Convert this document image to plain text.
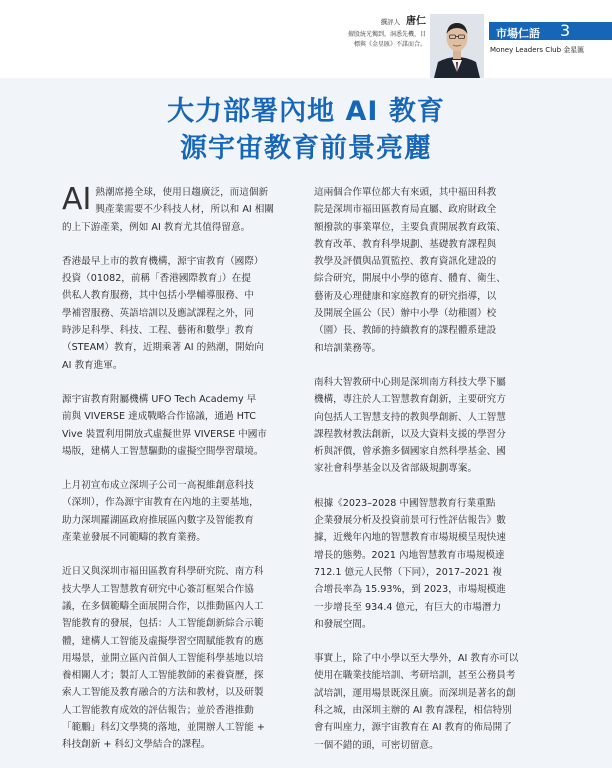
撰評人 唐仁
擅股統光獨到，洞悉先機，目
標與《金星匯》不謀而合。
市場仁語 3
Money Leaders Club 金星匯
大力部署內地 AI 教育
源宇宙教育前景亮麗

AI 熱潮席捲全球，使用日趨廣泛，而這個新
興產業需要不少科技人材，所以和 AI 相關
的上下游產業，例如 AI 教育尤其值得留意。

香港最早上市的教育機構，源宇宙教育（國際）
投資（01082，前稱「香港國際教育」）在提
供私人教育服務，其中包括小學輔導服務、中
學補習服務、英語培訓以及應試課程之外，同
時涉足科學、科技、工程、藝術和數學」教育
（STEAM）教育，近期乘著 AI 的熱潮，開始向
AI 教育進軍。

源宇宙教育附屬機構 UFO Tech Academy 早
前與 VIVERSE 達成戰略合作協議，通過 HTC
Vive 裝置利用開放式虛擬世界 VIVERSE 中國市
場版，建構人工智慧驅動的虛擬空間學習環境。

上月初宣布成立深圳子公司一高視維創意科技
（深圳），作為源宇宙教育在內地的主要基地，
助力深圳羅湖區政府推展區內數字及智能教育
產業並發展不同範疇的教育業務。

近日又與深圳市福田區教育科學研究院、南方科
技大學人工智慧教育研究中心簽訂框架合作協
議，在多個範疇全面展開合作，以推動區內人工
智能教育的發展，包括：人工智能創新綜合示範
體，建構人工智能及虛擬學習空間賦能教育的應
用場景，並開立區內首個人工智能科學基地以培
養相關人才；製訂人工智能教師的素養資歷，探
索人工智能及教育融合的方法和教材，以及研製
人工智能教育成效的評估報告；並於香港推動
「範鵬」科幻文學獎的落地，並開辦人工智能 +
科技創新 + 科幻文學結合的課程。

這兩個合作單位都大有來頭，其中福田科教
院是深圳市福田區教育局直屬、政府財政全
額撥款的事業單位，主要負責開展教育政策、
教育改革、教育科學規劃、基礎教育課程與
教學及評價與品質監控、教育資訊化建設的
綜合研究，開展中小學的德育、體育、衛生、
藝術及心理健康和家庭教育的研究指導，以
及開展全區公（民）辦中小學（幼稚園）校
（園）長、教師的持續教育的課程體系建設
和培訓業務等。

南科大智教研中心則是深圳南方科技大學下屬
機構，專注於人工智慧教育創新，主要研究方
向包括人工智慧支持的教與學創新、人工智慧
課程教材教法創新，以及大資料支援的學習分
析與評價，曾承擔多個國家自然科學基金、國
家社會科學基金以及省部級規劃專案。

根據《2023–2028 中國智慧教育行業重點
企業發展分析及投資前景可行性評估報告》數
據，近幾年內地的智慧教育市場規模呈現快速
增長的態勢。2021 內地智慧教育市場規模達
712.1 億元人民幣（下同），2017–2021 複
合增長率為 15.93%，到 2023，市場規模進
一步增長至 934.4 億元，有巨大的市場潛力
和發展空間。

事實上，除了中小學以至大學外，AI 教育亦可以
使用在職業技能培訓、考研培訓，甚至公務員考
試培訓，運用場景既深且廣。而深圳是著名的創
科之城，由深圳主辦的 AI 教育課程，相信特別
會有叫座力，源宇宙教育在 AI 教育的佈局開了
一個不錯的頭，可密切留意。
